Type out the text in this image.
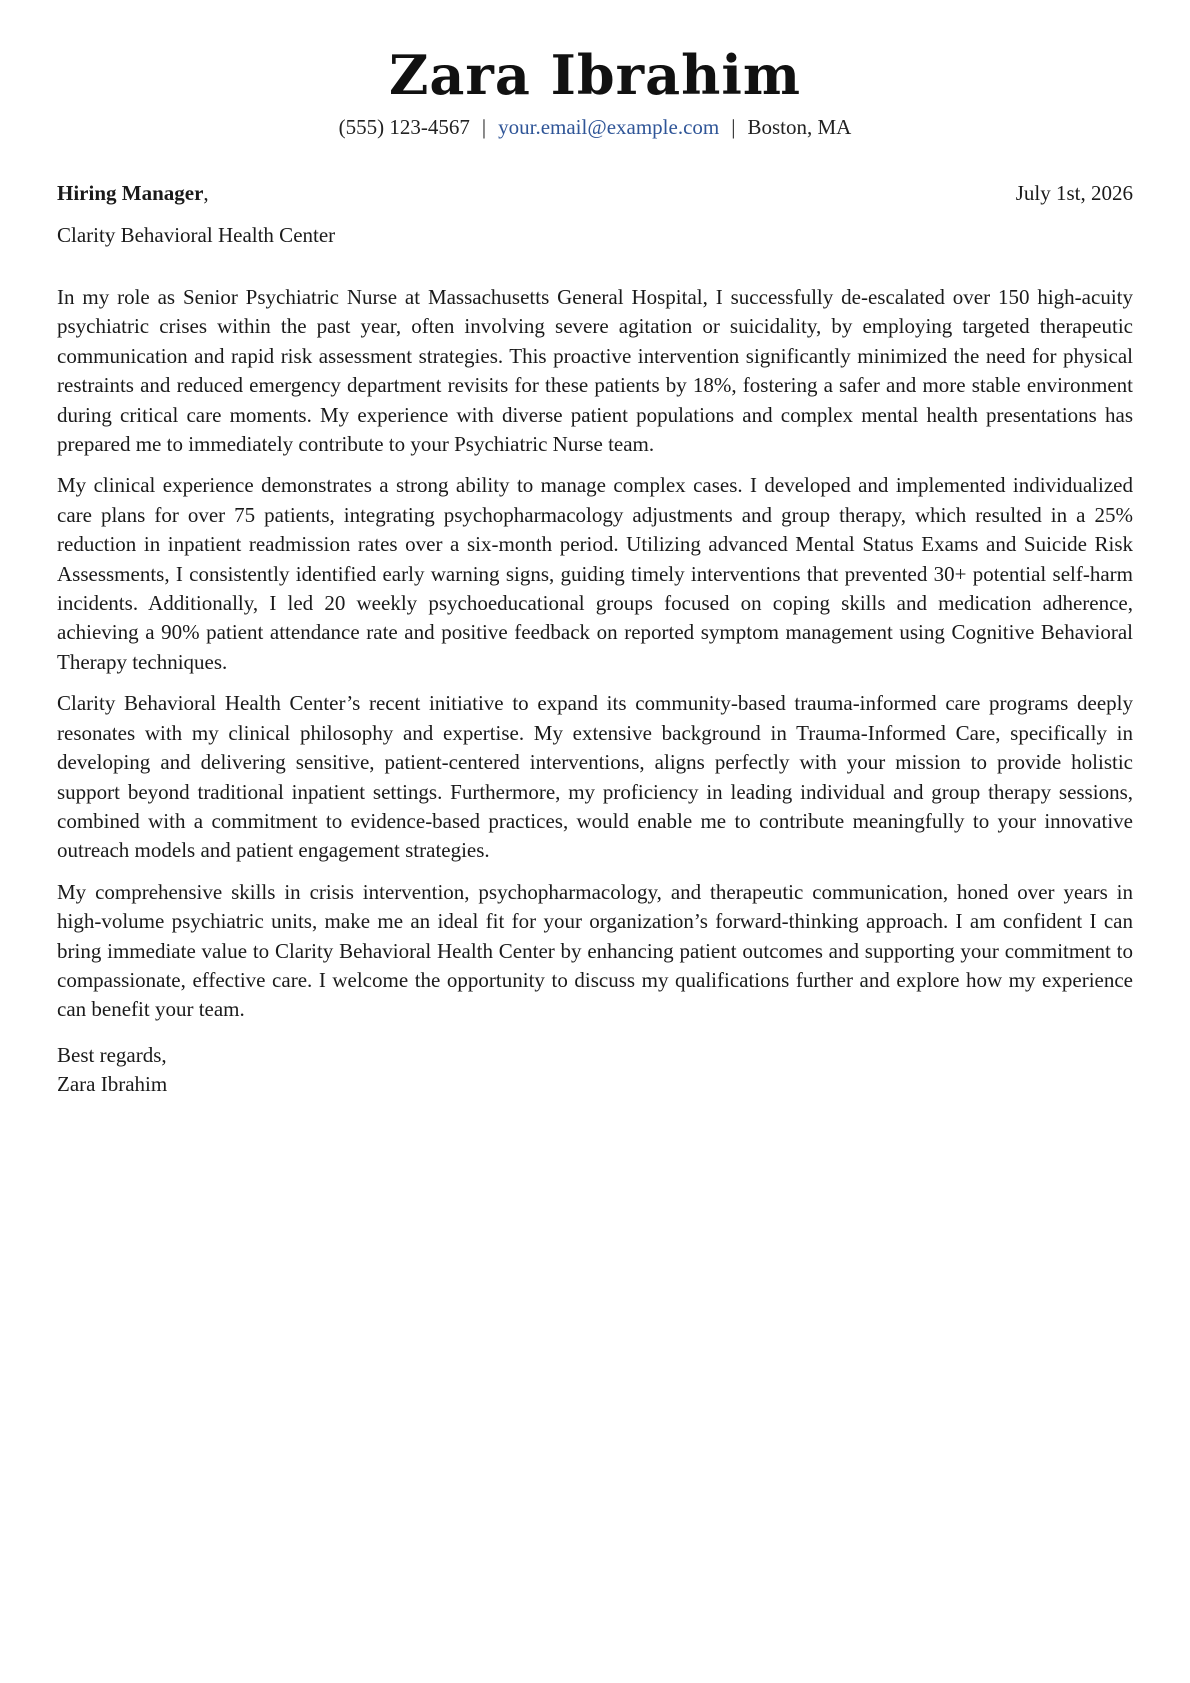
Zara Ibrahim
(555) 123-4567 | your.email@example.com | Boston, MA
Hiring Manager,	July 1st, 2026
Clarity Behavioral Health Center

In my role as Senior Psychiatric Nurse at Massachusetts General Hospital, I successfully de-escalated over 150 high-acuity psychiatric crises within the past year, often involving severe agitation or suicidality, by employing targeted therapeutic communication and rapid risk assessment strategies. This proactive intervention significantly minimized the need for physical restraints and reduced emergency department revisits for these patients by 18%, fostering a safer and more stable environment during critical care moments. My experience with diverse patient populations and complex mental health presentations has prepared me to immediately contribute to your Psychiatric Nurse team.

My clinical experience demonstrates a strong ability to manage complex cases. I developed and implemented individualized care plans for over 75 patients, integrating psychopharmacology adjustments and group therapy, which resulted in a 25% reduction in inpatient readmission rates over a six-month period. Utilizing advanced Mental Status Exams and Suicide Risk Assessments, I consistently identified early warning signs, guiding timely interventions that prevented 30+ potential self-harm incidents. Additionally, I led 20 weekly psychoeducational groups focused on coping skills and medication adherence, achieving a 90% patient attendance rate and positive feedback on reported symptom management using Cognitive Behavioral Therapy techniques.

Clarity Behavioral Health Center’s recent initiative to expand its community-based trauma-informed care programs deeply resonates with my clinical philosophy and expertise. My extensive background in Trauma-Informed Care, specifically in developing and delivering sensitive, patient-centered interventions, aligns perfectly with your mission to provide holistic support beyond traditional inpatient settings. Furthermore, my proficiency in leading individual and group therapy sessions, combined with a commitment to evidence-based practices, would enable me to contribute meaningfully to your innovative outreach models and patient engagement strategies.

My comprehensive skills in crisis intervention, psychopharmacology, and therapeutic communication, honed over years in high-volume psychiatric units, make me an ideal fit for your organization’s forward-thinking approach. I am confident I can bring immediate value to Clarity Behavioral Health Center by enhancing patient outcomes and supporting your commitment to compassionate, effective care. I welcome the opportunity to discuss my qualifications further and explore how my experience can benefit your team.

Best regards,
Zara Ibrahim
